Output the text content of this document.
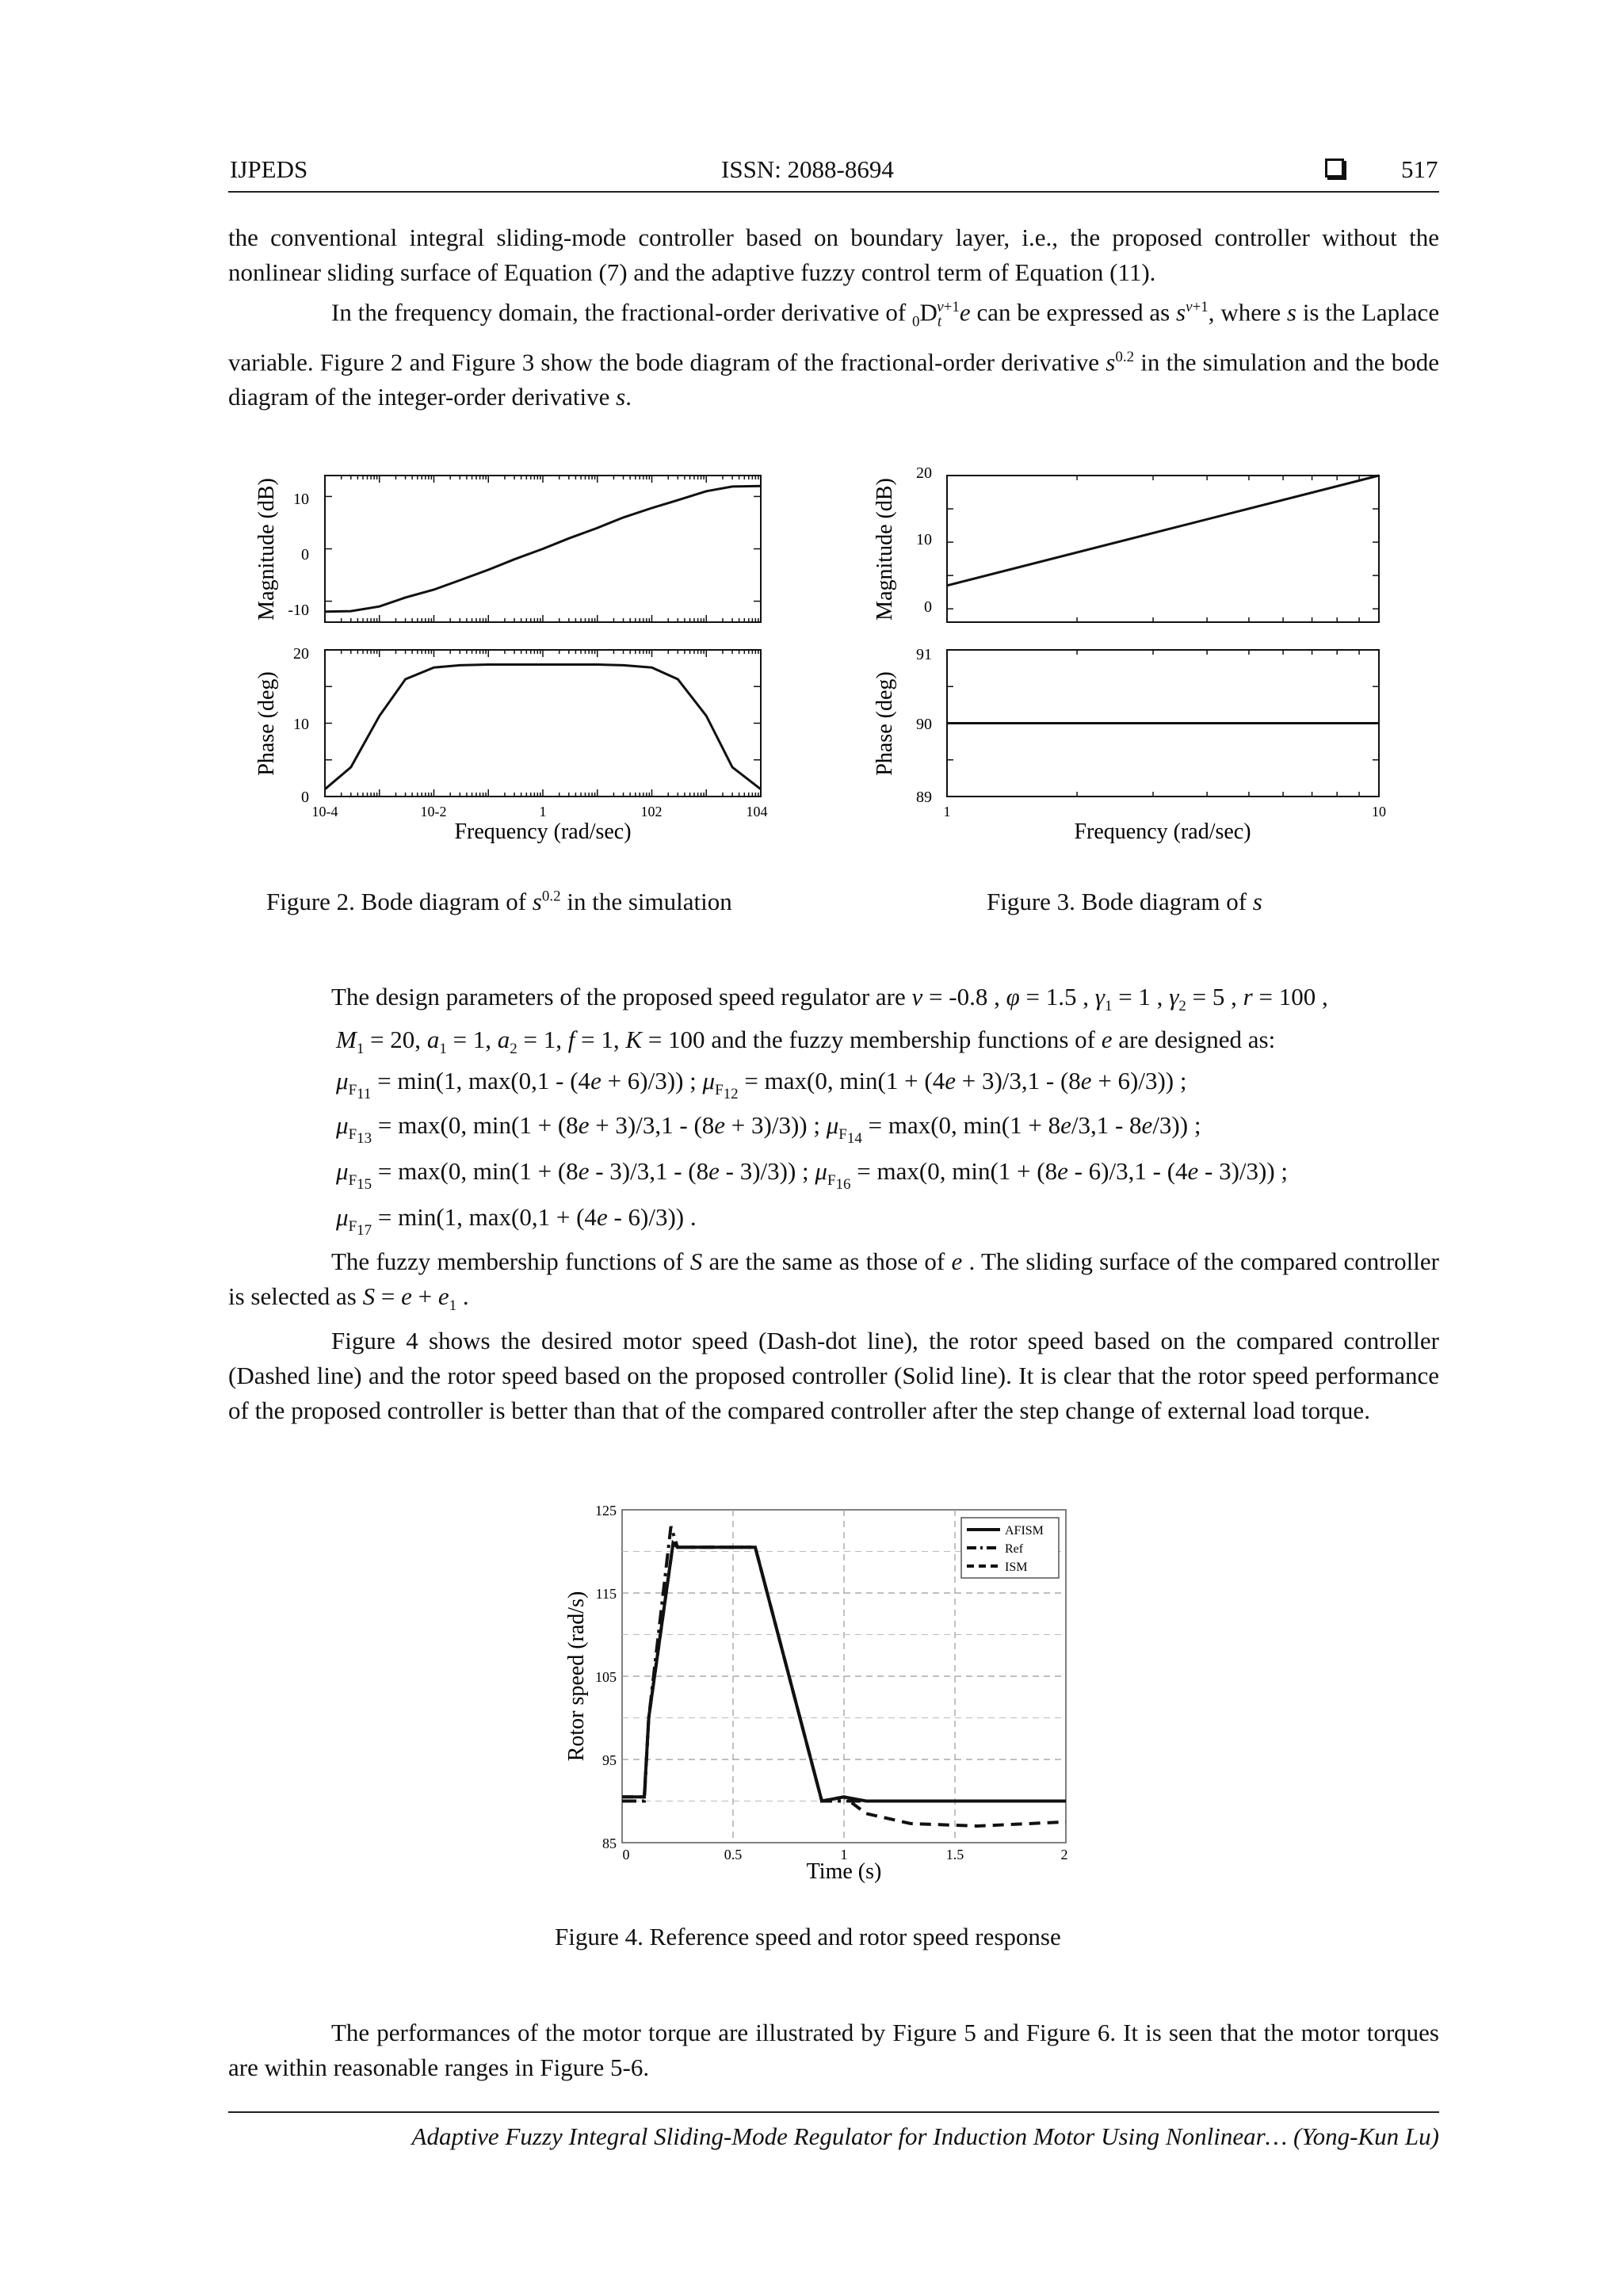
IJPEDS	ISSN: 2088-8694	517
the conventional integral sliding-mode controller based on boundary layer, i.e., the proposed controller without the nonlinear sliding surface of Equation (7) and the adaptive fuzzy control term of Equation (11).
In the frequency domain, the fractional-order derivative of $_0D_t^{v+1}e$ can be expressed as $s^{v+1}$, where s is the Laplace variable. Figure 2 and Figure 3 show the bode diagram of the fractional-order derivative $s^{0.2}$ in the simulation and the bode diagram of the integer-order derivative s.
10
0
-10
20
10
0
10-4	10-2	1	102	104
Frequency (rad/sec)
Magnitude (dB)
Phase (deg)
20
10
0
91
90
89
1	10
Frequency (rad/sec)
Magnitude (dB)
Phase (deg)
Figure 2. Bode diagram of $s^{0.2}$ in the simulation	Figure 3. Bode diagram of s
The design parameters of the proposed speed regulator are v = -0.8 , φ = 1.5 , $\gamma_1 = 1$ , $\gamma_2 = 5$ , r = 100 ,
$M_1 = 20$, $a_1 = 1$, $a_2 = 1$, f = 1, K = 100 and the fuzzy membership functions of e are designed as:
$\mu_{F_{11}} = \min(1$, max(0,1 - (4e + 6)/3)) ; $\mu_{F_{12}} = \max(0$, min(1 + (4e + 3)/3,1 - (8e + 6)/3)) ;
$\mu_{F_{13}} = \max(0$, min(1 + (8e + 3)/3,1 - (8e + 3)/3)) ; $\mu_{F_{14}} = \max(0$, min(1 + 8e/3,1 - 8e/3)) ;
$\mu_{F_{15}} = \max(0$, min(1 + (8e - 3)/3,1 - (8e - 3)/3)) ; $\mu_{F_{16}} = \max(0$, min(1 + (8e - 6)/3,1 - (4e - 3)/3)) ;
$\mu_{F_{17}} = \min(1$, max(0,1 + (4e - 6)/3)) .
The fuzzy membership functions of S are the same as those of e . The sliding surface of the compared controller is selected as $S = e + e_1$ .
Figure 4 shows the desired motor speed (Dash-dot line), the rotor speed based on the compared controller (Dashed line) and the rotor speed based on the proposed controller (Solid line). It is clear that the rotor speed performance of the proposed controller is better than that of the compared controller after the step change of external load torque.
125
115
105
95
85
0	0.5	1	1.5	2
Time (s)
Rotor speed (rad/s)
AFISM
Ref
ISM
Figure 4. Reference speed and rotor speed response
The performances of the motor torque are illustrated by Figure 5 and Figure 6. It is seen that the motor torques are within reasonable ranges in Figure 5-6.
Adaptive Fuzzy Integral Sliding-Mode Regulator for Induction Motor Using Nonlinear… (Yong-Kun Lu)
